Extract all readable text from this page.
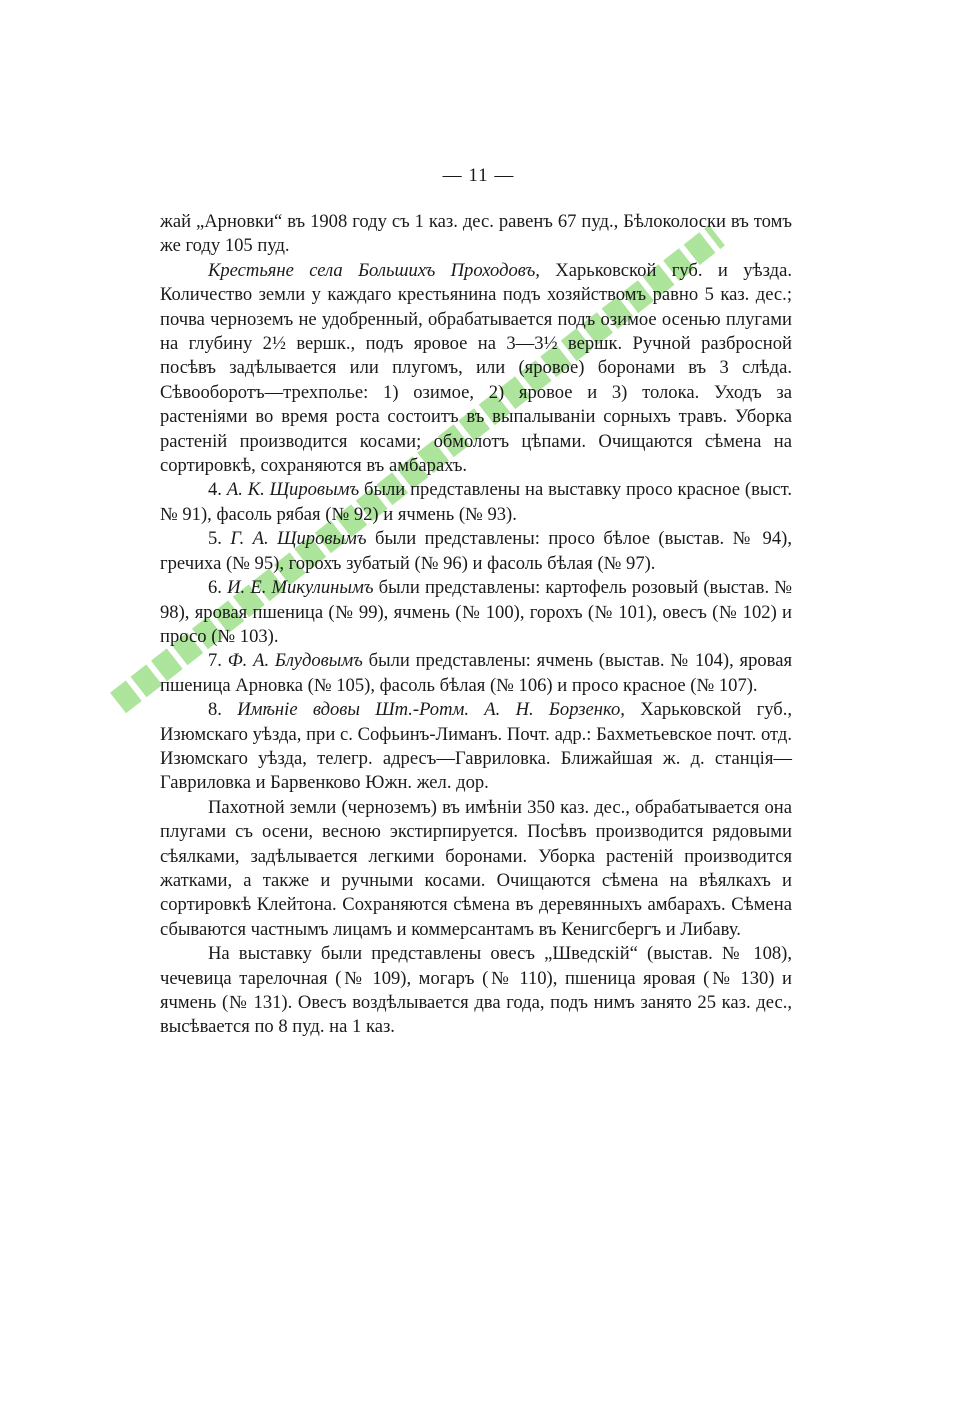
— 11 —

жай „Арновки“ въ 1908 году съ 1 каз. дес. равенъ 67 пуд., Бѣлоколоски въ томъ же году 105 пуд.

Крестьяне села Большихъ Проходовъ, Харьковской губ. и уѣзда. Количество земли у каждаго крестьянина подъ хозяйствомъ равно 5 каз. дес.; почва черноземъ не удобренный, обрабатывается подъ озимое осенью плугами на глубину 2½ вершк., подъ яровое на 3—3½ вершк. Ручной разбросной посѣвъ задѣлывается или плугомъ, или (яровое) боронами въ 3 слѣда. Сѣвооборотъ—трехполье: 1) озимое, 2) яровое и 3) толока. Уходъ за растеніями во время роста состоитъ въ выпалываніи сорныхъ травъ. Уборка растеній производится косами; обмолотъ цѣпами. Очищаются сѣмена на сортировкѣ, сохраняются въ амбарахъ.

4. А. К. Щировымъ были представлены на выставку просо красное (выст. № 91), фасоль рябая (№ 92) и ячмень (№ 93).

5. Г. А. Щировымъ были представлены: просо бѣлое (выстав. № 94), гречиха (№ 95), горохъ зубатый (№ 96) и фасоль бѣлая (№ 97).

6. И. Е. Микулинымъ были представлены: картофель розовый (выстав. № 98), яровая пшеница (№ 99), ячмень (№ 100), горохъ (№ 101), овесъ (№ 102) и просо (№ 103).

7. Ф. А. Блудовымъ были представлены: ячмень (выстав. № 104), яровая пшеница Арновка (№ 105), фасоль бѣлая (№ 106) и просо красное (№ 107).

8. Имѣніе вдовы Шт.-Ротм. А. Н. Борзенко, Харьковской губ., Изюмскаго уѣзда, при с. Софьинъ-Лиманъ. Почт. адр.: Бахметьевское почт. отд. Изюмскаго уѣзда, телегр. адресъ—Гавриловка. Ближайшая ж. д. станція—Гавриловка и Барвенково Южн. жел. дор.

Пахотной земли (черноземъ) въ имѣніи 350 каз. дес., обрабатывается она плугами съ осени, весною экстирпируется. Посѣвъ производится рядовыми сѣялками, задѣлывается легкими боронами. Уборка растеній производится жатками, а также и ручными косами. Очищаются сѣмена на вѣялкахъ и сортировкѣ Клейтона. Сохраняются сѣмена въ деревянныхъ амбарахъ. Сѣмена сбываются частнымъ лицамъ и коммерсантамъ въ Кенигсбергъ и Либаву.

На выставку были представлены овесъ „Шведскій“ (выстав. № 108), чечевица тарелочная (№ 109), могаръ (№ 110), пшеница яровая (№ 130) и ячмень (№ 131). Овесъ воздѣлывается два года, подъ нимъ занято 25 каз. дес., высѣвается по 8 пуд. на 1 каз.
